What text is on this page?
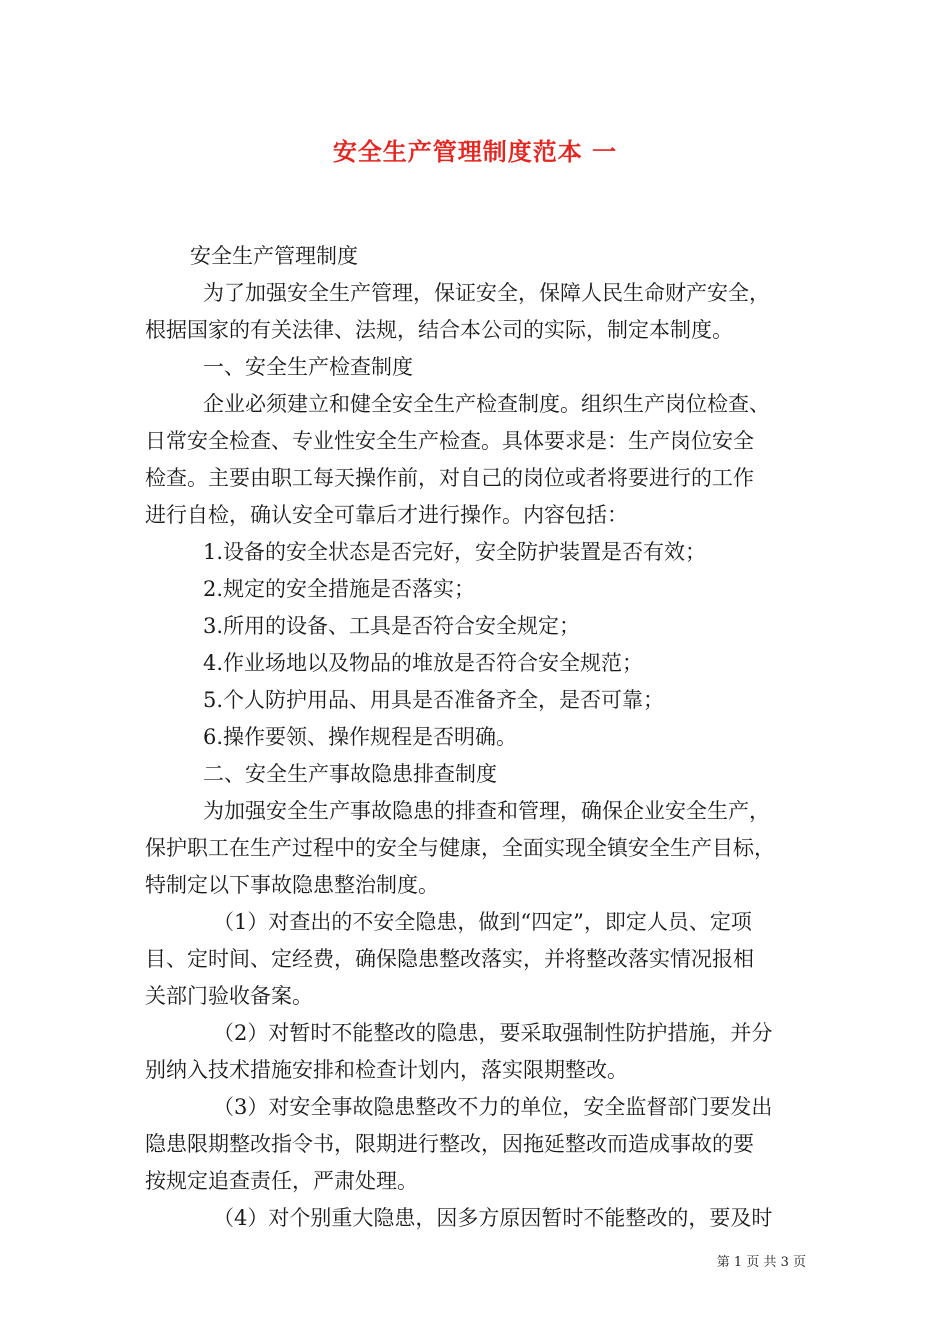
安全生产管理制度范本 一
安全生产管理制度
为了加强安全生产管理，保证安全，保障人民生命财产安全，
根据国家的有关法律、法规，结合本公司的实际，制定本制度。
一、安全生产检查制度
企业必须建立和健全安全生产检查制度。组织生产岗位检查、
日常安全检查、专业性安全生产检查。具体要求是：生产岗位安全
检查。主要由职工每天操作前，对自己的岗位或者将要进行的工作
进行自检，确认安全可靠后才进行操作。内容包括：
1.设备的安全状态是否完好，安全防护装置是否有效；
2.规定的安全措施是否落实；
3.所用的设备、工具是否符合安全规定；
4.作业场地以及物品的堆放是否符合安全规范；
5.个人防护用品、用具是否准备齐全，是否可靠；
6.操作要领、操作规程是否明确。
二、安全生产事故隐患排查制度
为加强安全生产事故隐患的排查和管理，确保企业安全生产，
保护职工在生产过程中的安全与健康，全面实现全镇安全生产目标，
特制定以下事故隐患整治制度。
（1）对查出的不安全隐患，做到“四定”，即定人员、定项
目、定时间、定经费，确保隐患整改落实，并将整改落实情况报相
关部门验收备案。
（2）对暂时不能整改的隐患，要采取强制性防护措施，并分
别纳入技术措施安排和检查计划内，落实限期整改。
（3）对安全事故隐患整改不力的单位，安全监督部门要发出
隐患限期整改指令书，限期进行整改，因拖延整改而造成事故的要
按规定追查责任，严肃处理。
（4）对个别重大隐患，因多方原因暂时不能整改的，要及时
第 1 页 共 3 页
